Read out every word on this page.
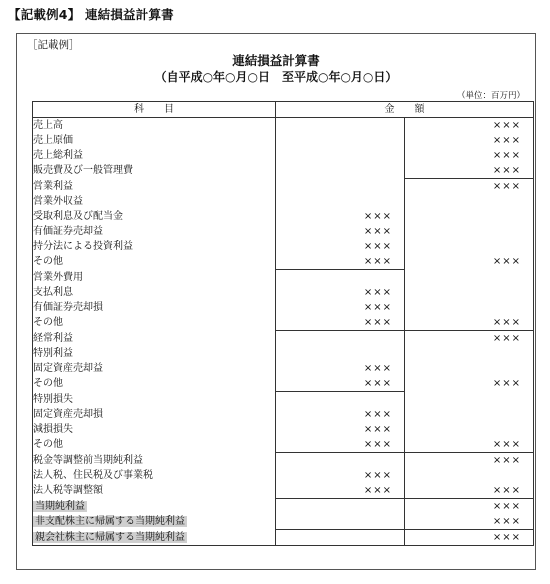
【記載例4】 連結損益計算書
［記載例］
連結損益計算書
（自平成○年○月○日　至平成○年○月○日）
（単位：百万円）
科　　目	金　　額	
売上高		×××
売上原価		×××
売上総利益		×××
販売費及び一般管理費		×××
営業利益		×××
営業外収益		
受取利息及び配当金	×××	
有価証券売却益	×××	
持分法による投資利益	×××	
その他	×××	×××
営業外費用		
支払利息	×××	
有価証券売却損	×××	
その他	×××	×××
経常利益		×××
特別利益		
固定資産売却益	×××	
その他	×××	×××
特別損失		
固定資産売却損	×××	
減損損失	×××	
その他	×××	×××
税金等調整前当期純利益		×××
法人税、住民税及び事業税	×××	
法人税等調整額	×××	×××
当期純利益		×××
非支配株主に帰属する当期純利益		×××
親会社株主に帰属する当期純利益		×××
